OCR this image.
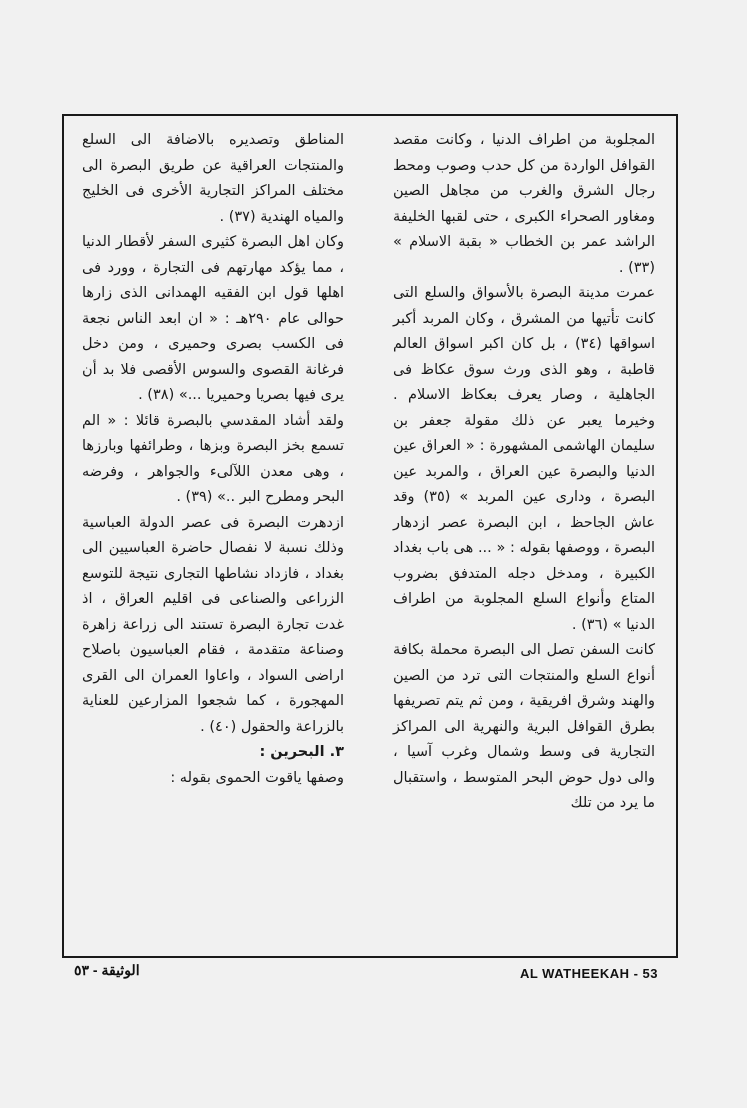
المجلوبة من اطراف الدنيا ، وكانت مقصد القوافل الواردة من كل حدب وصوب ومحط رجال الشرق والغرب من مجاهل الصين ومغاور الصحراء الكبرى ، حتى لقبها الخليفة الراشد عمر بن الخطاب « بقبة الاسلام » (٣٣) .

عمرت مدينة البصرة بالأسواق والسلع التى كانت تأتيها من المشرق ، وكان المربد أكبر اسواقها (٣٤) ، بل كان اكبر اسواق العالم قاطبة ، وهو الذى ورث سوق عكاظ فى الجاهلية ، وصار يعرف بعكاظ الاسلام . وخيرما يعبر عن ذلك مقولة جعفر بن سليمان الهاشمى المشهورة : « العراق عين الدنيا والبصرة عين العراق ، والمربد عين البصرة ، ودارى عين المربد » (٣٥) وقد عاش الجاحظ ، ابن البصرة عصر ازدهار البصرة ، ووصفها بقوله : « ... هى باب بغداد الكبيرة ، ومدخل دجله المتدفق بضروب المتاع وأنواع السلع المجلوبة من اطراف الدنيا » (٣٦) .

كانت السفن تصل الى البصرة محملة بكافة أنواع السلع والمنتجات التى ترد من الصين والهند وشرق افريقية ، ومن ثم يتم تصريفها بطرق القوافل البرية والنهرية الى المراكز التجارية فى وسط وشمال وغرب آسيا ، والى دول حوض البحر المتوسط ، واستقبال ما يرد من تلك

المناطق وتصديره بالاضافة الى السلع والمنتجات العراقية عن طريق البصرة الى مختلف المراكز التجارية الأخرى فى الخليج والمياه الهندية (٣٧) .

وكان اهل البصرة كثيرى السفر لأقطار الدنيا ، مما يؤكد مهارتهم فى التجارة ، وورد فى اهلها قول ابن الفقيه الهمدانى الذى زارها حوالى عام ٢٩٠هـ : « ان ابعد الناس نجعة فى الكسب بصرى وحميرى ، ومن دخل فرغانة القصوى والسوس الأقصى فلا بد أن يرى فيها بصريا وحميريا ...» (٣٨) .

ولقد أشاد المقدسي بالبصرة قائلا : « الم تسمع بخز البصرة وبزها ، وطرائفها وبارزها ، وهى معدن اللآلىء والجواهر ، وفرضه البحر ومطرح البر ..» (٣٩) .

ازدهرت البصرة فى عصر الدولة العباسية وذلك نسبة لا نفصال حاضرة العباسيين الى بغداد ، فازداد نشاطها التجارى نتيجة للتوسع الزراعى والصناعى فى اقليم العراق ، اذ غدت تجارة البصرة تستند الى زراعة زاهرة وصناعة متقدمة ، فقام العباسيون باصلاح اراضى السواد ، واعاوا العمران الى القرى المهجورة ، كما شجعوا المزارعين للعناية بالزراعة والحقول (٤٠) .

٣. البحرين :

وصفها ياقوت الحموى بقوله :

الوثيقة - ٥٣	AL WATHEEKAH - 53
